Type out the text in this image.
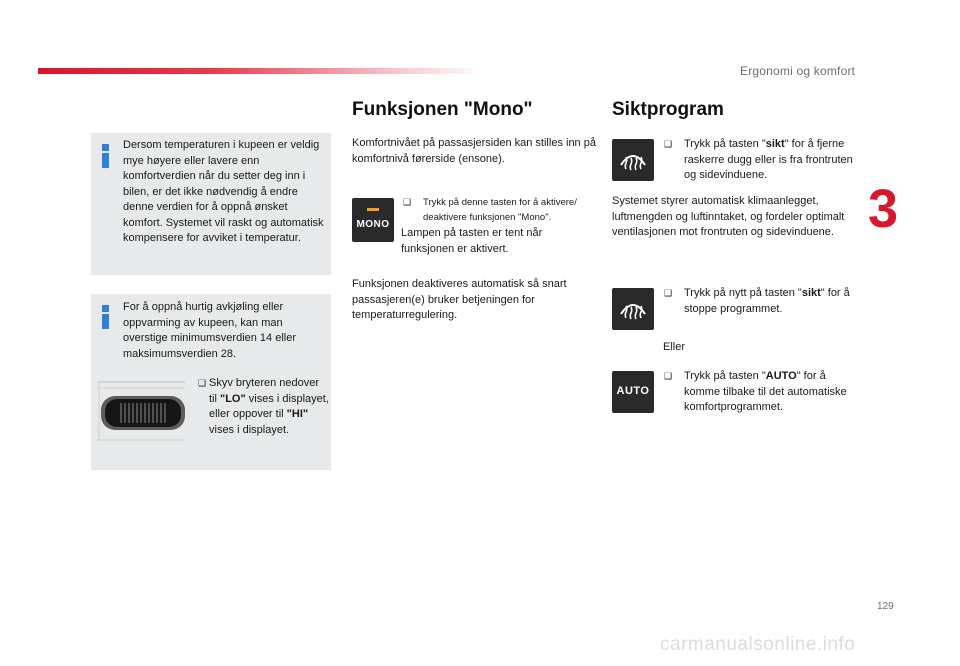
Ergonomi og komfort
3
Dersom temperaturen i kupeen er veldig mye høyere eller lavere enn komfortverdien når du setter deg inn i bilen, er det ikke nødvendig å endre denne verdien for å oppnå ønsket komfort. Systemet vil raskt og automatisk kompensere for avviket i temperatur.
For å oppnå hurtig avkjøling eller oppvarming av kupeen, kan man overstige minimumsverdien 14 eller maksimumsverdien 28.
❑ Skyv bryteren nedover til "LO" vises i displayet, eller oppover til "HI" vises i displayet.
Funksjonen "Mono"
Komfortnivået på passasjersiden kan stilles inn på komfortnivå førerside (ensone).
MONO
❑	Trykk på denne tasten for å aktivere/ deaktivere funksjonen "Mono".
Lampen på tasten er tent når funksjonen er aktivert.
Funksjonen deaktiveres automatisk så snart passasjeren(e) bruker betjeningen for temperaturregulering.
Siktprogram
❑	Trykk på tasten "sikt" for å fjerne raskerre dugg eller is fra frontruten og sidevinduene.
Systemet styrer automatisk klimaanlegget, luftmengden og luftinntaket, og fordeler optimalt ventilasjonen mot frontruten og sidevinduene.
❑	Trykk på nytt på tasten "sikt" for å stoppe programmet.
Eller
AUTO
❑	Trykk på tasten "AUTO" for å komme tilbake til det automatiske komfortprogrammet.
129
carmanualsonline.info
